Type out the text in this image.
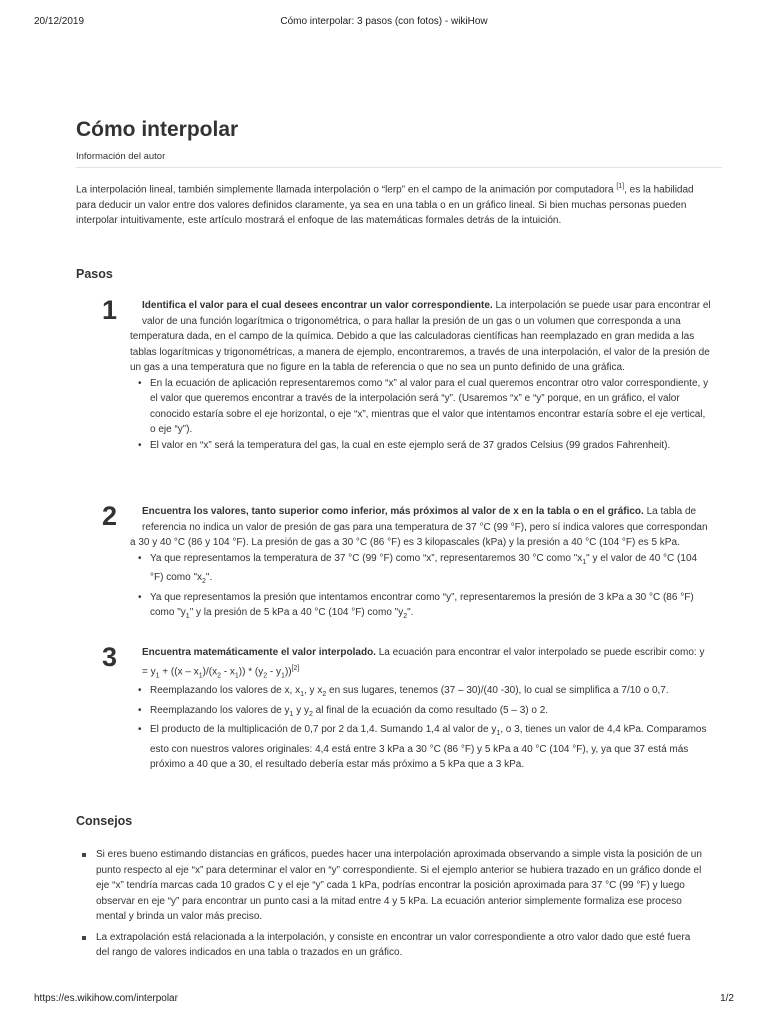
20/12/2019	Cómo interpolar: 3 pasos (con fotos) - wikiHow
Cómo interpolar
Información del autor

La interpolación lineal, también simplemente llamada interpolación o “lerp” en el campo de la animación por computadora [1], es la habilidad para deducir un valor entre dos valores definidos claramente, ya sea en una tabla o en un gráfico lineal. Si bien muchas personas pueden interpolar intuitivamente, este artículo mostrará el enfoque de las matemáticas formales detrás de la intuición.

Pasos
1	Identifica el valor para el cual desees encontrar un valor correspondiente. La interpolación se puede usar para encontrar el valor de una función logarítmica o trigonométrica, o para hallar la presión de un gas o un volumen que corresponda a una temperatura dada, en el campo de la química. Debido a que las calculadoras científicas han reemplazado en gran medida a las tablas logarítmicas y trigonométricas, a manera de ejemplo, encontraremos, a través de una interpolación, el valor de la presión de un gas a una temperatura que no figure en la tabla de referencia o que no sea un punto definido de una gráfica.
• En la ecuación de aplicación representaremos como “x” al valor para el cual queremos encontrar otro valor correspondiente, y el valor que queremos encontrar a través de la interpolación será “y”. (Usaremos “x” e “y” porque, en un gráfico, el valor conocido estaría sobre el eje horizontal, o eje “x”, mientras que el valor que intentamos encontrar estaría sobre el eje vertical, o eje “y”).
• El valor en “x” será la temperatura del gas, la cual en este ejemplo será de 37 grados Celsius (99 grados Fahrenheit).
2	Encuentra los valores, tanto superior como inferior, más próximos al valor de x en la tabla o en el gráfico. La tabla de referencia no indica un valor de presión de gas para una temperatura de 37 °C (99 °F), pero sí indica valores que correspondan a 30 y 40 °C (86 y 104 °F). La presión de gas a 30 °C (86 °F) es 3 kilopascales (kPa) y la presión a 40 °C (104 °F) es 5 kPa.
• Ya que representamos la temperatura de 37 °C (99 °F) como “x”, representaremos 30 °C como "$x_1$" y el valor de 40 °C (104 °F) como "$x_2$".
• Ya que representamos la presión que intentamos encontrar como “y”, representaremos la presión de 3 kPa a 30 °C (86 °F) como "$y_1$" y la presión de 5 kPa a 40 °C (104 °F) como "$y_2$".
3	Encuentra matemáticamente el valor interpolado. La ecuación para encontrar el valor interpolado se puede escribir como: $y = y_1 + ((x - x_1)/(x_2 - x_1)) * (y_2 - y_1))[2]$
• Reemplazando los valores de x, $x_1$, y $x_2$ en sus lugares, tenemos (37 – 30)/(40 -30), lo cual se simplifica a 7/10 o 0,7.
• Reemplazando los valores de $y_1$ y $y_2$ al final de la ecuación da como resultado (5 – 3) o 2.
• El producto de la multiplicación de 0,7 por 2 da 1,4. Sumando 1,4 al valor de $y_1$, o 3, tienes un valor de 4,4 kPa. Comparamos esto con nuestros valores originales: 4,4 está entre 3 kPa a 30 °C (86 °F) y 5 kPa a 40 °C (104 °F), y, ya que 37 está más próximo a 40 que a 30, el resultado debería estar más próximo a 5 kPa que a 3 kPa.
Consejos
Si eres bueno estimando distancias en gráficos, puedes hacer una interpolación aproximada observando a simple vista la posición de un punto respecto al eje “x” para determinar el valor en “y” correspondiente. Si el ejemplo anterior se hubiera trazado en un gráfico donde el eje “x” tendría marcas cada 10 grados C y el eje “y” cada 1 kPa, podrías encontrar la posición aproximada para 37 °C (99 °F) y luego observar en eje “y” para encontrar un punto casi a la mitad entre 4 y 5 kPa. La ecuación anterior simplemente formaliza ese proceso mental y brinda un valor más preciso.
La extrapolación está relacionada a la interpolación, y consiste en encontrar un valor correspondiente a otro valor dado que esté fuera del rango de valores indicados en una tabla o trazados en un gráfico.
https://es.wikihow.com/interpolar	1/2
